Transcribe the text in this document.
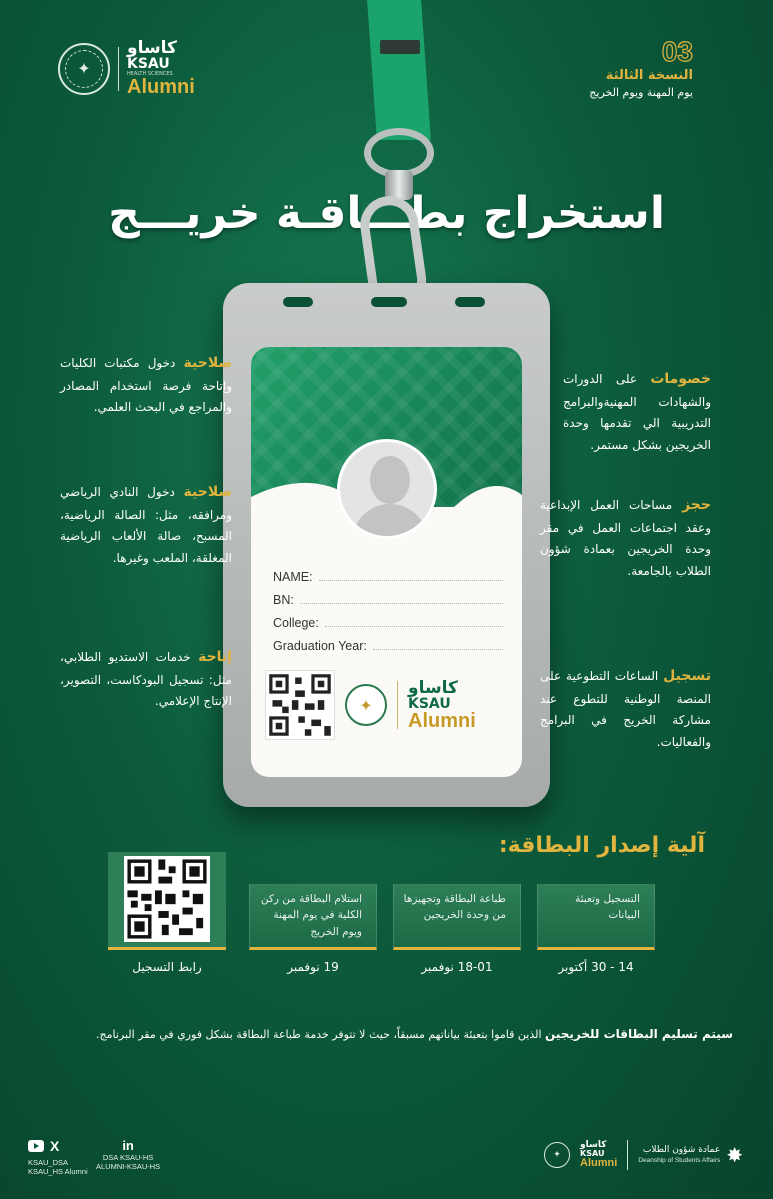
✦
كاساو
KSAU
HEALTH SCIENCES
Alumni
03
النسخة الثالثة
يوم المهنة ويوم الخريج
استخراج بطـــاقـة خريـــج
NAME:
BN:
College:
Graduation Year:
✦
كاساو
KSAU
Alumni
خصومات على الدورات والشهادات المهنيةوالبرامج التدريبية الي تقدمها وحدة الخريجين بشكل مستمر.
حجز مساحات العمل الإبداعية وعقد اجتماعات العمل في مقر وحدة الخريجين بعمادة شؤون الطلاب بالجامعة.
تسجيل الساعات التطوعية على المنصة الوطنية للتطوع عند مشاركة الخريج في البرامج والفعاليات.
صلاحية دخول مكتبات الكليات وإتاحة فرصة استخدام المصادر والمراجع في البحث العلمي.
صلاحية دخول النادي الرياضي ومرافقه، مثل: الصالة الرياضية، المسبح، صالة الألعاب الرياضية المغلقة، الملعب وغيرها.
إتاحة خدمات الاستديو الطلابي، مثل: تسجيل البودكاست، التصوير، الإنتاج الإعلامي.
آلية إصدار البطاقة:
التسجيل وتعبئة البيانات
14 - 30 أكتوبر
طباعة البطاقة وتجهيزها من وحدة الخريجين
18-01 نوفمبر
استلام البطاقة من ركن الكلية في يوم المهنة ويوم الخريج
19 نوفمبر
رابط التسجيل
سيتم تسليم البطاقات للخريجين الذين قاموا بتعبئة بياناتهم مسبقاً، حيث لا تتوفر خدمة طباعة البطاقة بشكل فوري في مقر البرنامج.
X
KSAU_DSA
KSAU_HS Alumni
in
DSA KSAU-HS
ALUMNI-KSAU-HS
✦
كاساو
KSAU
Alumni
عمادة شؤون الطلاب
Deanship of Students Affairs ✸
